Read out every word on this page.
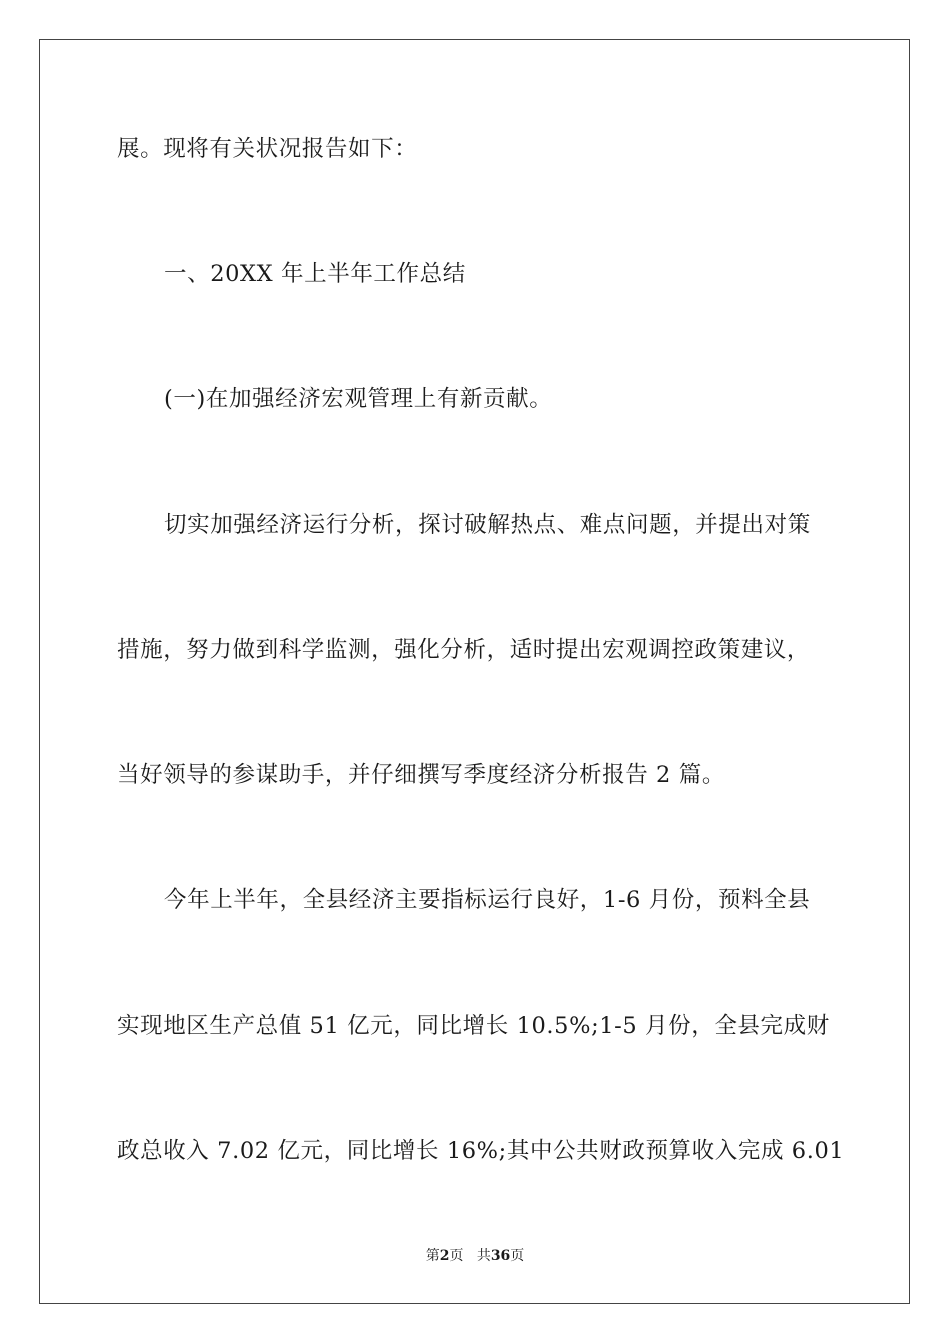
展。现将有关状况报告如下：
一、20XX 年上半年工作总结
(一)在加强经济宏观管理上有新贡献。
切实加强经济运行分析，探讨破解热点、难点问题，并提出对策
措施，努力做到科学监测，强化分析，适时提出宏观调控政策建议，
当好领导的参谋助手，并仔细撰写季度经济分析报告 2 篇。
今年上半年，全县经济主要指标运行良好，1-6 月份，预料全县
实现地区生产总值 51 亿元，同比增长 10.5%;1-5 月份，全县完成财
政总收入 7.02 亿元，同比增长 16%;其中公共财政预算收入完成 6.01
第2页 共36页
